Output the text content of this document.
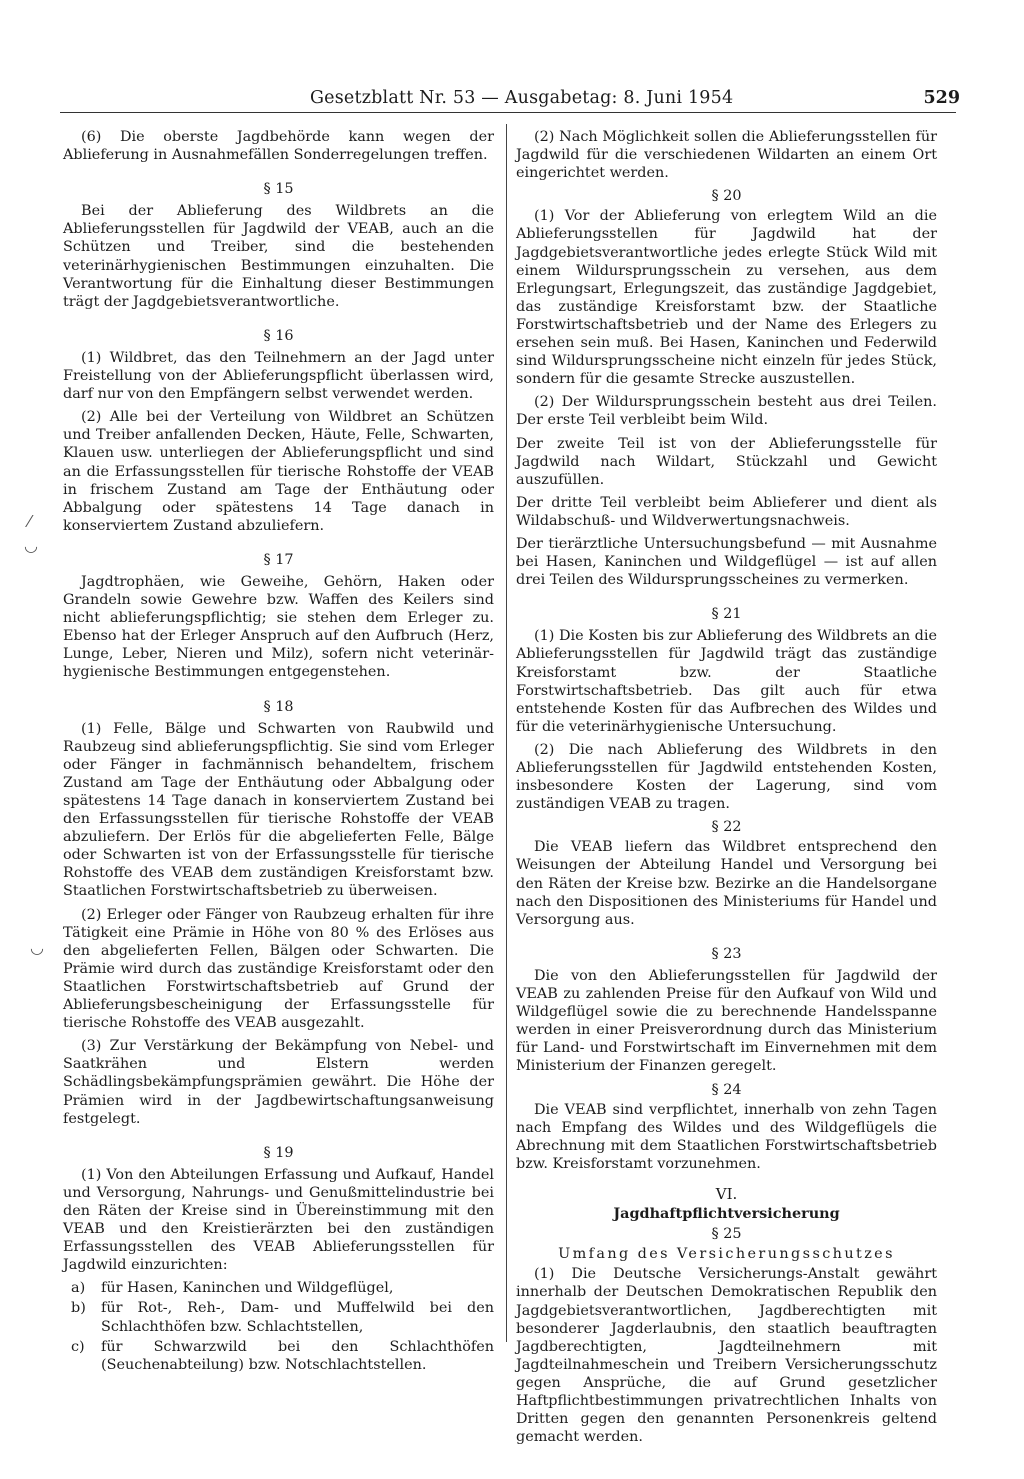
Gesetzblatt Nr. 53 — Ausgabetag: 8. Juni 1954	529

(6) Die oberste Jagdbehörde kann wegen der Ablieferung in Ausnahmefällen Sonderregelungen treffen.

§ 15

Bei der Ablieferung des Wildbrets an die Ablieferungsstellen für Jagdwild der VEAB, auch an die Schützen und Treiber, sind die bestehenden veterinärhygienischen Bestimmungen einzuhalten. Die Verantwortung für die Einhaltung dieser Bestimmungen trägt der Jagdgebietsverantwortliche.

§ 16

(1) Wildbret, das den Teilnehmern an der Jagd unter Freistellung von der Ablieferungspflicht überlassen wird, darf nur von den Empfängern selbst verwendet werden.

(2) Alle bei der Verteilung von Wildbret an Schützen und Treiber anfallenden Decken, Häute, Felle, Schwarten, Klauen usw. unterliegen der Ablieferungspflicht und sind an die Erfassungsstellen für tierische Rohstoffe der VEAB in frischem Zustand am Tage der Enthäutung oder Abbalgung oder spätestens 14 Tage danach in konserviertem Zustand abzuliefern.

§ 17

Jagdtrophäen, wie Geweihe, Gehörn, Haken oder Grandeln sowie Gewehre bzw. Waffen des Keilers sind nicht ablieferungspflichtig; sie stehen dem Erleger zu. Ebenso hat der Erleger Anspruch auf den Aufbruch (Herz, Lunge, Leber, Nieren und Milz), sofern nicht veterinär-hygienische Bestimmungen entgegenstehen.

§ 18

(1) Felle, Bälge und Schwarten von Raubwild und Raubzeug sind ablieferungspflichtig. Sie sind vom Erleger oder Fänger in fachmännisch behandeltem, frischem Zustand am Tage der Enthäutung oder Abbalgung oder spätestens 14 Tage danach in konserviertem Zustand bei den Erfassungsstellen für tierische Rohstoffe der VEAB abzuliefern. Der Erlös für die abgelieferten Felle, Bälge oder Schwarten ist von der Erfassungsstelle für tierische Rohstoffe des VEAB dem zuständigen Kreisforstamt bzw. Staatlichen Forstwirtschaftsbetrieb zu überweisen.

(2) Erleger oder Fänger von Raubzeug erhalten für ihre Tätigkeit eine Prämie in Höhe von 80 % des Erlöses aus den abgelieferten Fellen, Bälgen oder Schwarten. Die Prämie wird durch das zuständige Kreisforstamt oder den Staatlichen Forstwirtschaftsbetrieb auf Grund der Ablieferungsbescheinigung der Erfassungsstelle für tierische Rohstoffe des VEAB ausgezahlt.

(3) Zur Verstärkung der Bekämpfung von Nebel- und Saatkrähen und Elstern werden Schädlingsbekämpfungsprämien gewährt. Die Höhe der Prämien wird in der Jagdbewirtschaftungsanweisung festgelegt.

§ 19

(1) Von den Abteilungen Erfassung und Aufkauf, Handel und Versorgung, Nahrungs- und Genußmittelindustrie bei den Räten der Kreise sind in Übereinstimmung mit den VEAB und den Kreistierärzten bei den zuständigen Erfassungsstellen des VEAB Ablieferungsstellen für Jagdwild einzurichten:

a)	für Hasen, Kaninchen und Wildgeflügel,
b)	für Rot-, Reh-, Dam- und Muffelwild bei den Schlachthöfen bzw. Schlachtstellen,
c)	für Schwarzwild bei den Schlachthöfen (Seuchenabteilung) bzw. Notschlachtstellen.

(2) Nach Möglichkeit sollen die Ablieferungsstellen für Jagdwild für die verschiedenen Wildarten an einem Ort eingerichtet werden.

§ 20

(1) Vor der Ablieferung von erlegtem Wild an die Ablieferungsstellen für Jagdwild hat der Jagdgebietsverantwortliche jedes erlegte Stück Wild mit einem Wildursprungsschein zu versehen, aus dem Erlegungsart, Erlegungszeit, das zuständige Jagdgebiet, das zuständige Kreisforstamt bzw. der Staatliche Forstwirtschaftsbetrieb und der Name des Erlegers zu ersehen sein muß. Bei Hasen, Kaninchen und Federwild sind Wildursprungsscheine nicht einzeln für jedes Stück, sondern für die gesamte Strecke auszustellen.

(2) Der Wildursprungsschein besteht aus drei Teilen. Der erste Teil verbleibt beim Wild.

Der zweite Teil ist von der Ablieferungsstelle für Jagdwild nach Wildart, Stückzahl und Gewicht auszufüllen.

Der dritte Teil verbleibt beim Ablieferer und dient als Wildabschuß- und Wildverwertungsnachweis.

Der tierärztliche Untersuchungsbefund — mit Ausnahme bei Hasen, Kaninchen und Wildgeflügel — ist auf allen drei Teilen des Wildursprungsscheines zu vermerken.

§ 21

(1) Die Kosten bis zur Ablieferung des Wildbrets an die Ablieferungsstellen für Jagdwild trägt das zuständige Kreisforstamt bzw. der Staatliche Forstwirtschaftsbetrieb. Das gilt auch für etwa entstehende Kosten für das Aufbrechen des Wildes und für die veterinärhygienische Untersuchung.

(2) Die nach Ablieferung des Wildbrets in den Ablieferungsstellen für Jagdwild entstehenden Kosten, insbesondere Kosten der Lagerung, sind vom zuständigen VEAB zu tragen.

§ 22

Die VEAB liefern das Wildbret entsprechend den Weisungen der Abteilung Handel und Versorgung bei den Räten der Kreise bzw. Bezirke an die Handelsorgane nach den Dispositionen des Ministeriums für Handel und Versorgung aus.

§ 23

Die von den Ablieferungsstellen für Jagdwild der VEAB zu zahlenden Preise für den Aufkauf von Wild und Wildgeflügel sowie die zu berechnende Handelsspanne werden in einer Preisverordnung durch das Ministerium für Land- und Forstwirtschaft im Einvernehmen mit dem Ministerium der Finanzen geregelt.

§ 24

Die VEAB sind verpflichtet, innerhalb von zehn Tagen nach Empfang des Wildes und des Wildgeflügels die Abrechnung mit dem Staatlichen Forstwirtschaftsbetrieb bzw. Kreisforstamt vorzunehmen.

VI.
Jagdhaftpflichtversicherung
§ 25
Umfang des Versicherungsschutzes

(1) Die Deutsche Versicherungs-Anstalt gewährt innerhalb der Deutschen Demokratischen Republik den Jagdgebietsverantwortlichen, Jagdberechtigten mit besonderer Jagderlaubnis, den staatlich beauftragten Jagdberechtigten, Jagdteilnehmern mit Jagdteilnahmeschein und Treibern Versicherungsschutz gegen Ansprüche, die auf Grund gesetzlicher Haftpflichtbestimmungen privatrechtlichen Inhalts von Dritten gegen den genannten Personenkreis geltend gemacht werden.

⁄
◡
◡
